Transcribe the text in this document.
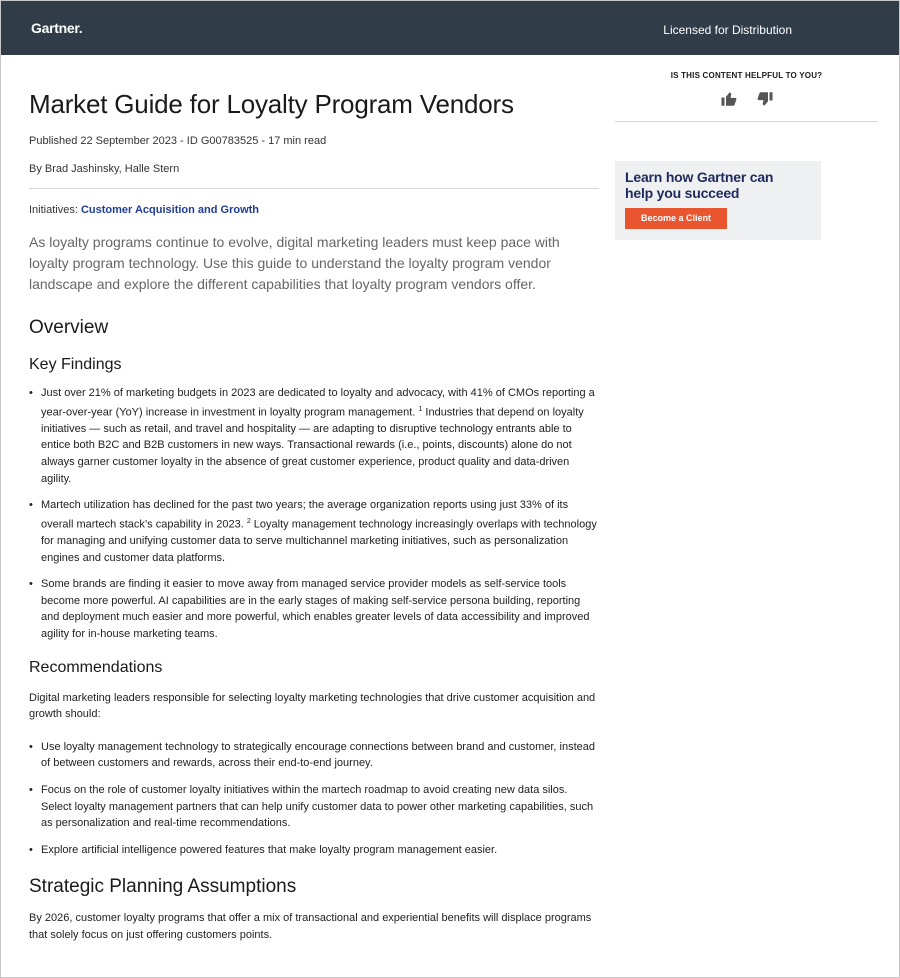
Gartner.	Licensed for Distribution
Market Guide for Loyalty Program Vendors
Published 22 September 2023 - ID G00783525 - 17 min read
By Brad Jashinsky, Halle Stern
Initiatives: Customer Acquisition and Growth

As loyalty programs continue to evolve, digital marketing leaders must keep pace with loyalty program technology. Use this guide to understand the loyalty program vendor landscape and explore the different capabilities that loyalty program vendors offer.

Overview
Key Findings
• Just over 21% of marketing budgets in 2023 are dedicated to loyalty and advocacy, with 41% of CMOs reporting a year-over-year (YoY) increase in investment in loyalty program management. $^1$ Industries that depend on loyalty initiatives — such as retail, and travel and hospitality — are adapting to disruptive technology entrants able to entice both B2C and B2B customers in new ways. Transactional rewards (i.e., points, discounts) alone do not always garner customer loyalty in the absence of great customer experience, product quality and data-driven agility.
• Martech utilization has declined for the past two years; the average organization reports using just 33% of its overall martech stack’s capability in 2023. $^2$ Loyalty management technology increasingly overlaps with technology for managing and unifying customer data to serve multichannel marketing initiatives, such as personalization engines and customer data platforms.
• Some brands are finding it easier to move away from managed service provider models as self-service tools become more powerful. AI capabilities are in the early stages of making self-service persona building, reporting and deployment much easier and more powerful, which enables greater levels of data accessibility and improved agility for in-house marketing teams.
Recommendations

Digital marketing leaders responsible for selecting loyalty marketing technologies that drive customer acquisition and growth should:

• Use loyalty management technology to strategically encourage connections between brand and customer, instead of between customers and rewards, across their end-to-end journey.
• Focus on the role of customer loyalty initiatives within the martech roadmap to avoid creating new data silos. Select loyalty management partners that can help unify customer data to power other marketing capabilities, such as personalization and real-time recommendations.
• Explore artificial intelligence powered features that make loyalty program management easier.
Strategic Planning Assumptions

By 2026, customer loyalty programs that offer a mix of transactional and experiential benefits will displace programs that solely focus on just offering customers points.

IS THIS CONTENT HELPFUL TO YOU?
Learn how Gartner can help you succeed
Become a Client
